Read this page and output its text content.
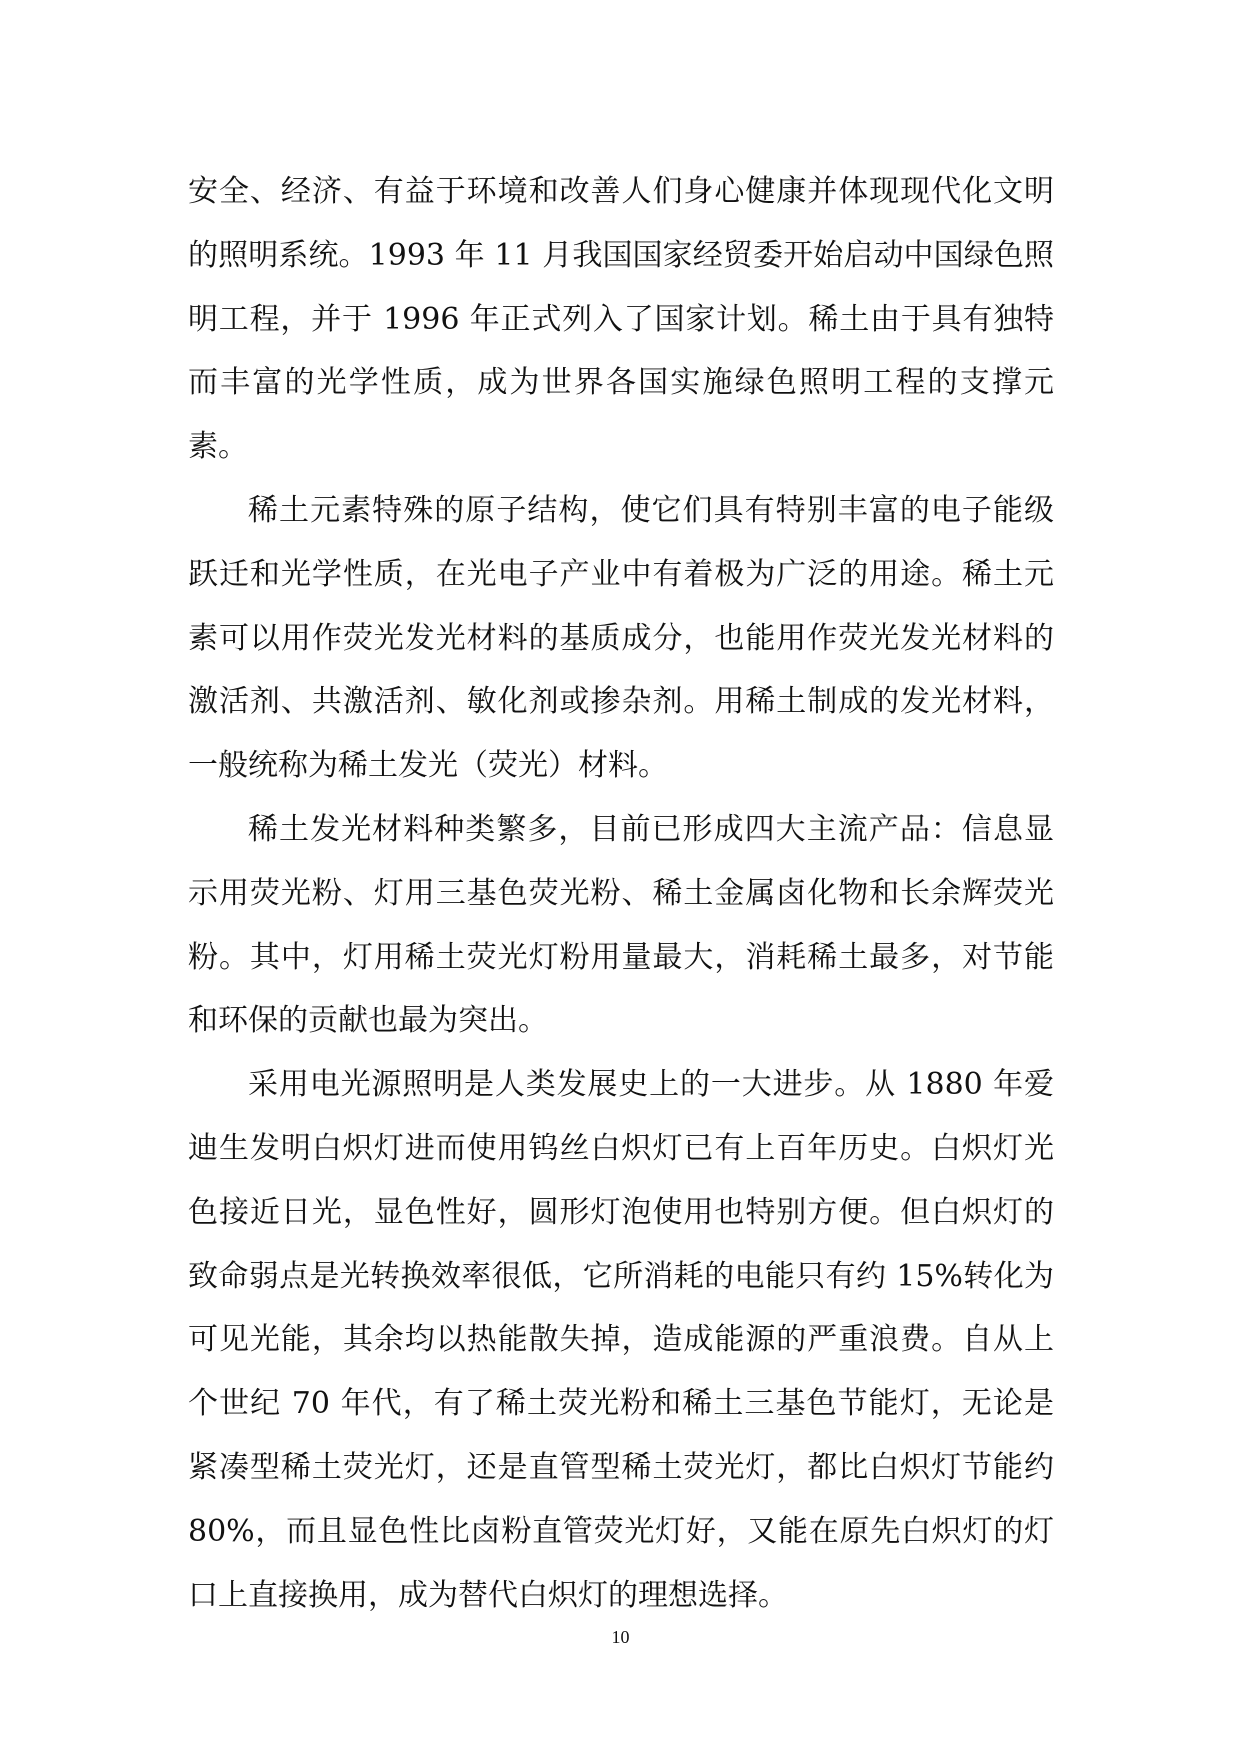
安全、经济、有益于环境和改善人们身心健康并体现现代化文明的照明系统。1993 年 11 月我国国家经贸委开始启动中国绿色照明工程，并于 1996 年正式列入了国家计划。稀土由于具有独特而丰富的光学性质，成为世界各国实施绿色照明工程的支撑元素。

稀土元素特殊的原子结构，使它们具有特别丰富的电子能级跃迁和光学性质，在光电子产业中有着极为广泛的用途。稀土元素可以用作荧光发光材料的基质成分，也能用作荧光发光材料的激活剂、共激活剂、敏化剂或掺杂剂。用稀土制成的发光材料，一般统称为稀土发光（荧光）材料。

稀土发光材料种类繁多，目前已形成四大主流产品：信息显示用荧光粉、灯用三基色荧光粉、稀土金属卤化物和长余辉荧光粉。其中，灯用稀土荧光灯粉用量最大，消耗稀土最多，对节能和环保的贡献也最为突出。

采用电光源照明是人类发展史上的一大进步。从 1880 年爱迪生发明白炽灯进而使用钨丝白炽灯已有上百年历史。白炽灯光色接近日光，显色性好，圆形灯泡使用也特别方便。但白炽灯的致命弱点是光转换效率很低，它所消耗的电能只有约 15%转化为可见光能，其余均以热能散失掉，造成能源的严重浪费。自从上个世纪 70 年代，有了稀土荧光粉和稀土三基色节能灯，无论是紧凑型稀土荧光灯，还是直管型稀土荧光灯，都比白炽灯节能约 80%，而且显色性比卤粉直管荧光灯好，又能在原先白炽灯的灯口上直接换用，成为替代白炽灯的理想选择。

10
